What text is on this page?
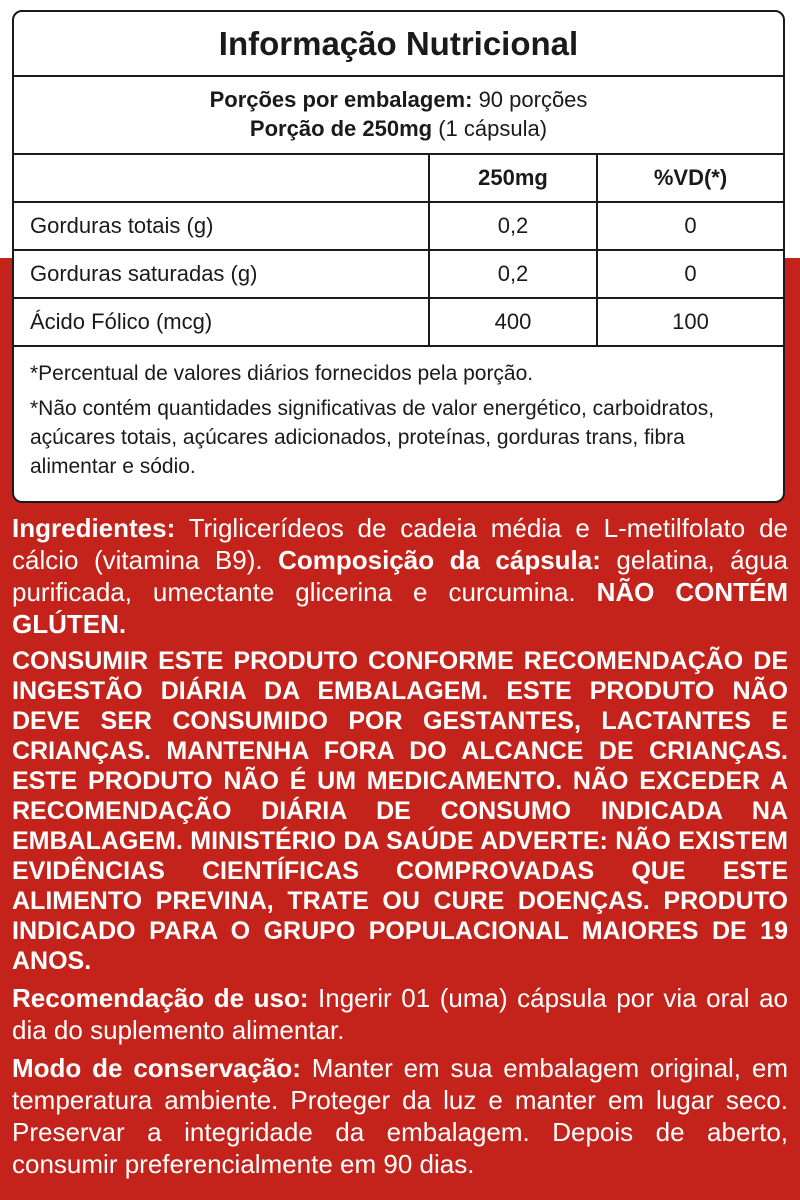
Informação Nutricional
Porções por embalagem: 90 porções
Porção de 250mg (1 cápsula)
	250mg	%VD(*)
Gorduras totais (g)	0,2	0
Gorduras saturadas (g)	0,2	0
Ácido Fólico (mcg)	400	100

*Percentual de valores diários fornecidos pela porção.

*Não contém quantidades significativas de valor energético, carboidratos, açúcares totais, açúcares adicionados, proteínas, gorduras trans, fibra alimentar e sódio.

Ingredientes: Triglicerídeos de cadeia média e L-metilfolato de cálcio (vitamina B9). Composição da cápsula: gelatina, água purificada, umectante glicerina e curcumina. NÃO CONTÉM GLÚTEN.

CONSUMIR ESTE PRODUTO CONFORME RECOMENDAÇÃO DE INGESTÃO DIÁRIA DA EMBALAGEM. ESTE PRODUTO NÃO DEVE SER CONSUMIDO POR GESTANTES, LACTANTES E CRIANÇAS. MANTENHA FORA DO ALCANCE DE CRIANÇAS. ESTE PRODUTO NÃO É UM MEDICAMENTO. NÃO EXCEDER A RECOMENDAÇÃO DIÁRIA DE CONSUMO INDICADA NA EMBALAGEM. MINISTÉRIO DA SAÚDE ADVERTE: NÃO EXISTEM EVIDÊNCIAS CIENTÍFICAS COMPROVADAS QUE ESTE ALIMENTO PREVINA, TRATE OU CURE DOENÇAS. PRODUTO INDICADO PARA O GRUPO POPULACIONAL MAIORES DE 19 ANOS.

Recomendação de uso: Ingerir 01 (uma) cápsula por via oral ao dia do suplemento alimentar.

Modo de conservação: Manter em sua embalagem original, em temperatura ambiente. Proteger da luz e manter em lugar seco. Preservar a integridade da embalagem. Depois de aberto, consumir preferencialmente em 90 dias.
